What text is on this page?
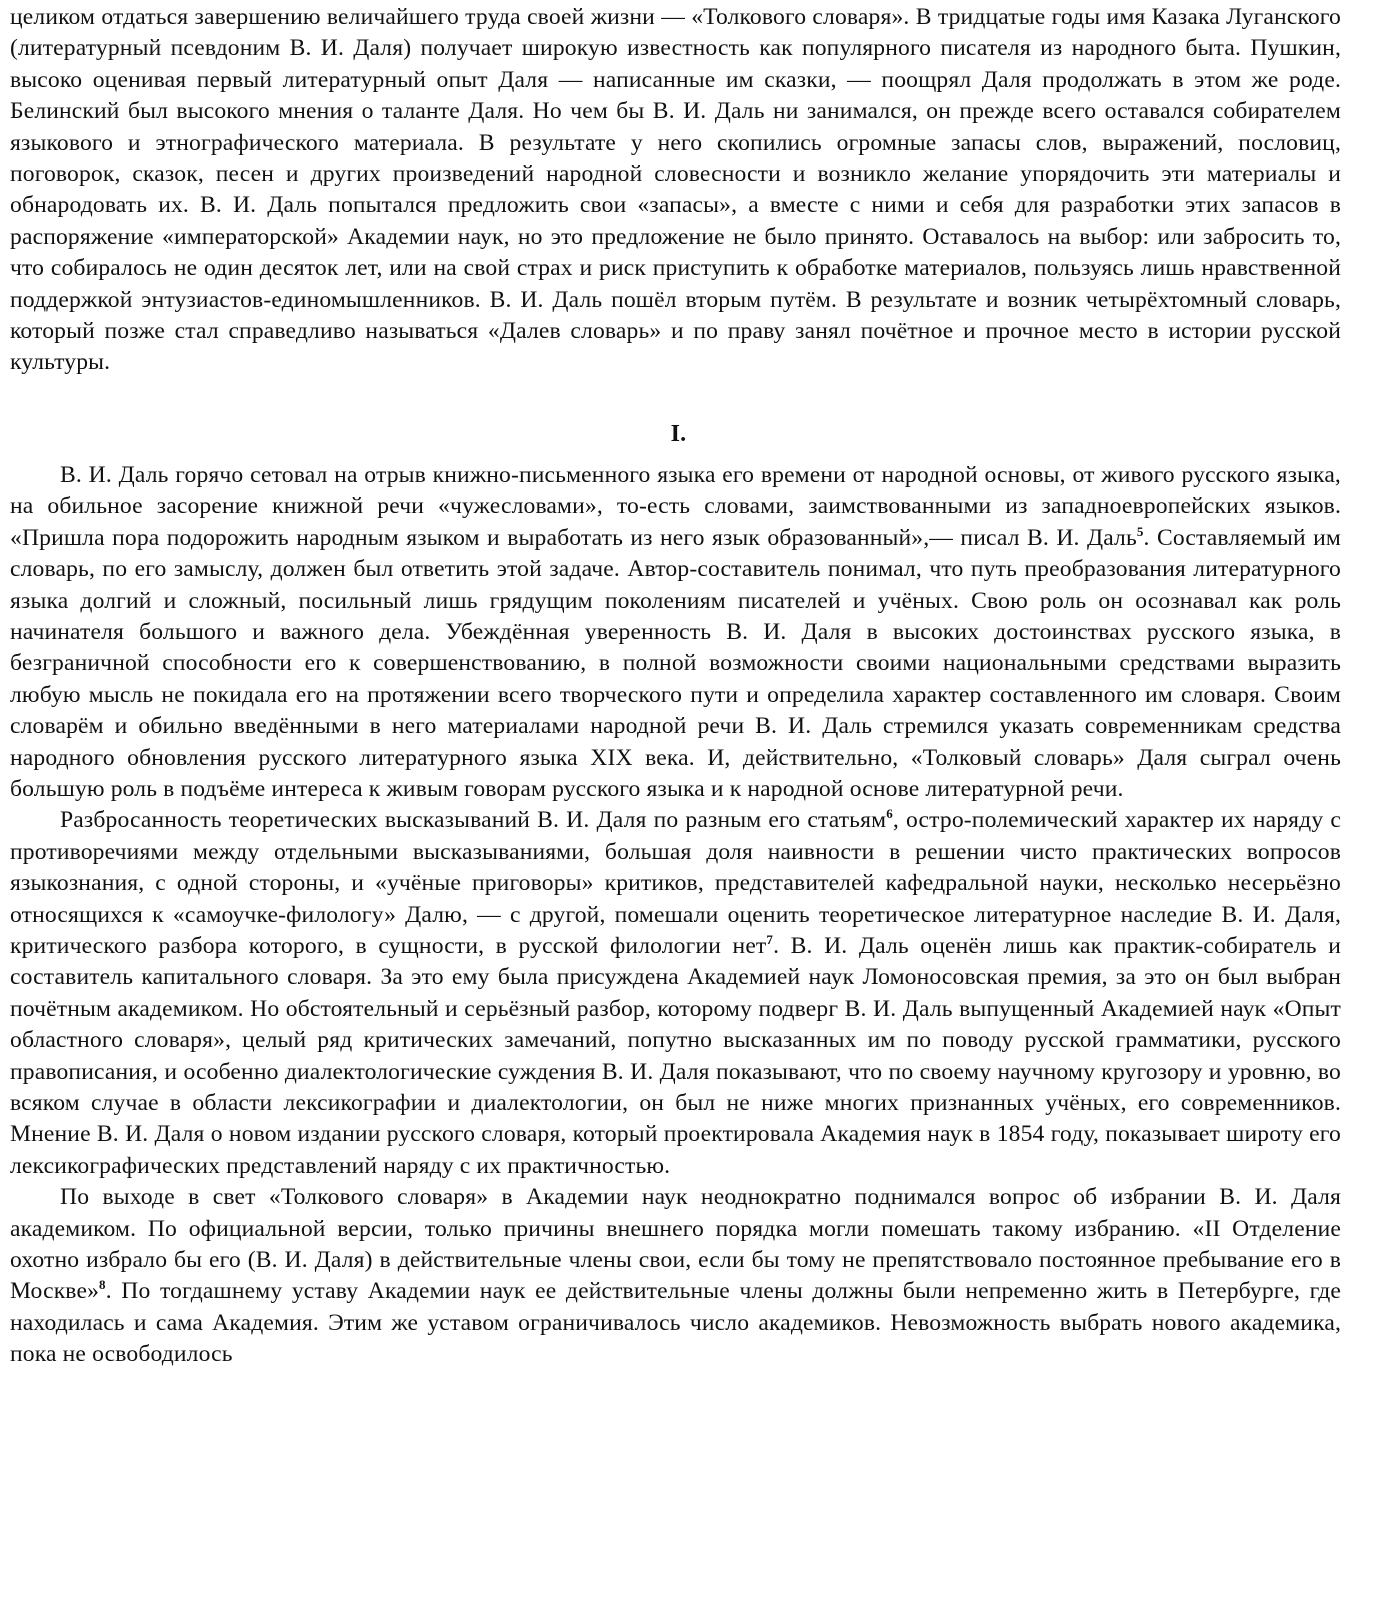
целиком отдаться завершению величайшего труда своей жизни — «Толкового словаря». В тридцатые годы имя Казака Луганского (литературный псевдоним В. И. Даля) получает широкую известность как популярного писателя из народного быта. Пушкин, высоко оценивая первый литературный опыт Даля — написанные им сказки, — поощрял Даля продолжать в этом же роде. Белинский был высокого мнения о таланте Даля. Но чем бы В. И. Даль ни занимался, он прежде всего оставался собирателем языкового и этнографического материала. В результате у него скопились огромные запасы слов, выражений, пословиц, поговорок, сказок, песен и других произведений народной словесности и возникло желание упорядочить эти материалы и обнародовать их. В. И. Даль попытался предложить свои «запасы», а вместе с ними и себя для разработки этих запасов в распоряжение «императорской» Академии наук, но это предложение не было принято. Оставалось на выбор: или забросить то, что собиралось не один десяток лет, или на свой страх и риск приступить к обработке материалов, пользуясь лишь нравственной поддержкой энтузиастов-единомышленников. В. И. Даль пошёл вторым путём. В результате и возник четырёхтомный словарь, который позже стал справедливо называться «Далев словарь» и по праву занял почётное и прочное место в истории русской культуры.

I.

В. И. Даль горячо сетовал на отрыв книжно-письменного языка его времени от народной основы, от живого русского языка, на обильное засорение книжной речи «чужесловами», то-есть словами, заимствованными из западноевропейских языков. «Пришла пора подорожить народным языком и выработать из него язык образованный»,— писал В. И. Даль$^5$. Составляемый им словарь, по его замыслу, должен был ответить этой задаче. Автор-составитель понимал, что путь преобразования литературного языка долгий и сложный, посильный лишь грядущим поколениям писателей и учёных. Свою роль он осознавал как роль начинателя большого и важного дела. Убеждённая уверенность В. И. Даля в высоких достоинствах русского языка, в безграничной способности его к совершенствованию, в полной возможности своими национальными средствами выразить любую мысль не покидала его на протяжении всего творческого пути и определила характер составленного им словаря. Своим словарём и обильно введёнными в него материалами народной речи В. И. Даль стремился указать современникам средства народного обновления русского литературного языка XIX века. И, действительно, «Толковый словарь» Даля сыграл очень большую роль в подъёме интереса к живым говорам русского языка и к народной основе литературной речи.

Разбросанность теоретических высказываний В. И. Даля по разным его статьям$^6$, остро-полемический характер их наряду с противоречиями между отдельными высказываниями, большая доля наивности в решении чисто практических вопросов языкознания, с одной стороны, и «учёные приговоры» критиков, представителей кафедральной науки, несколько несерьёзно относящихся к «самоучке-филологу» Далю, — с другой, помешали оценить теоретическое литературное наследие В. И. Даля, критического разбора которого, в сущности, в русской филологии нет$^7$. В. И. Даль оценён лишь как практик-собиратель и составитель капитального словаря. За это ему была присуждена Академией наук Ломоносовская премия, за это он был выбран почётным академиком. Но обстоятельный и серьёзный разбор, которому подверг В. И. Даль выпущенный Академией наук «Опыт областного словаря», целый ряд критических замечаний, попутно высказанных им по поводу русской грамматики, русского правописания, и особенно диалектологические суждения В. И. Даля показывают, что по своему научному кругозору и уровню, во всяком случае в области лексикографии и диалектологии, он был не ниже многих признанных учёных, его современников. Мнение В. И. Даля о новом издании русского словаря, который проектировала Академия наук в 1854 году, показывает широту его лексикографических представлений наряду с их практичностью.

По выходе в свет «Толкового словаря» в Академии наук неоднократно поднимался вопрос об избрании В. И. Даля академиком. По официальной версии, только причины внешнего порядка могли помешать такому избранию. «II Отделение охотно избрало бы его (В. И. Даля) в действительные члены свои, если бы тому не препятствовало постоянное пребывание его в Москве»$^8$. По тогдашнему уставу Академии наук ее действительные члены должны были непременно жить в Петербурге, где находилась и сама Академия. Этим же уставом ограничивалось число академиков. Невозможность выбрать нового академика, пока не освободилось
